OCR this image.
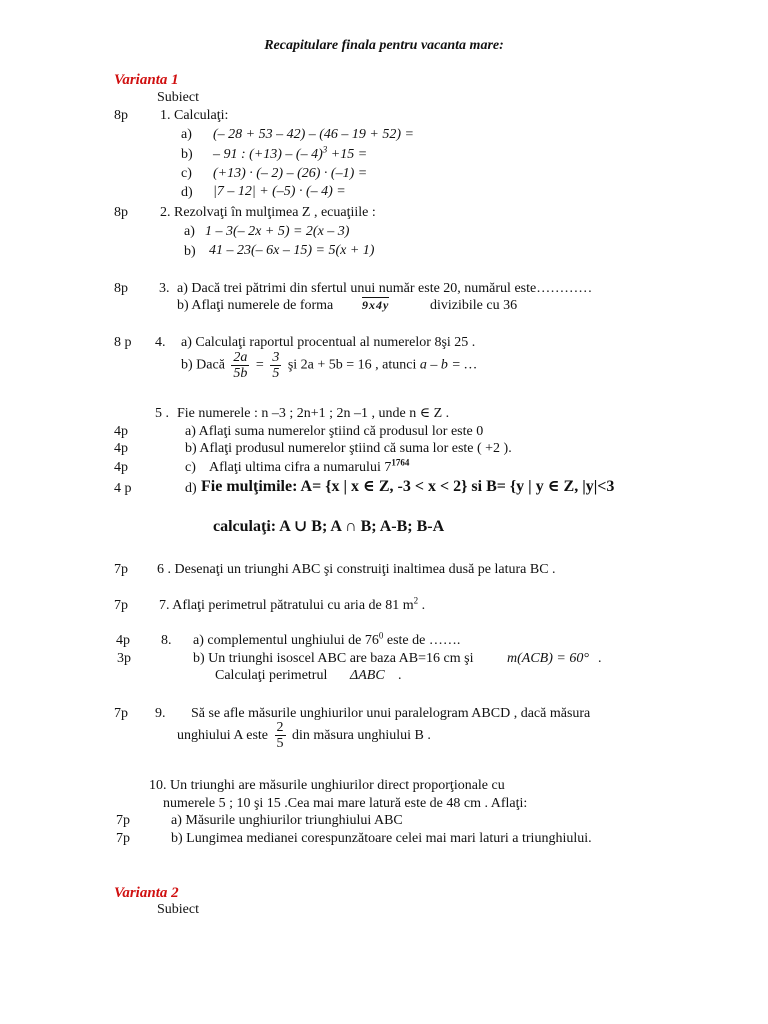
Recapitulare finala pentru vacanta mare:
Varianta 1
Subiect
8p 1. Calculaţi:
a) (– 28 + 53 – 42) – (46 – 19 + 52) =
b) – 91 : (+13) – (– 4)$^3$ +15 =
c) (+13) · (– 2) – (26) · (–1) =
d) |7 – 12| + (–5) · (– 4) =
8p 2. Rezolvaţi în mulţimea Z , ecuaţiile :
a) 1 – 3(– 2x + 5) = 2(x – 3)
b) 41 – 23(– 6x – 15) = 5(x + 1)
8p 3. a) Dacă trei pătrimi din sfertul unui număr este 20, numărul este…………
b) Aflaţi numerele de forma 9x4y	divizibile cu 36
8 p 4. a) Calculaţi raportul procentual al numerelor 8şi 25 .
b) Dacă $\frac{2a}{5b} = \frac{3}{5}$ şi 2a + 5b = 16 , atunci a – b = …
5 . Fie numerele : n –3 ; 2n+1 ; 2n –1 , unde n ∈ Z .
4p	a) Aflaţi suma numerelor ştiind că produsul lor este 0
4p	b) Aflaţi produsul numerelor ştiind că suma lor este ( +2 ).
4p	c) Aflaţi ultima cifra a numarului $7^{1764}$
4 p	d) Fie mulţimile: A= {x | x ∈ Z, -3 < x < 2} si B= {y | y ∈ Z, |y|<3
calculaţi: A ∪ B; A ∩ B; A-B; B-A
7p 6 . Desenaţi un triunghi ABC şi construiţi inaltimea dusă pe latura BC .
7p 7. Aflaţi perimetrul pătratului cu aria de 81 $m^2$ .
4p 8. a) complementul unghiului de $76^0$ este de …….
3p	b) Un triunghi isoscel ABC are baza AB=16 cm şi m(ACB) = 60° .
Calculaţi perimetrul ΔABC .
7p 9. Să se afle măsurile unghiurilor unui paralelogram ABCD , dacă măsura
unghiului A este $\frac{2}{5}$ din măsura unghiului B .
10. Un triunghi are măsurile unghiurilor direct proporţionale cu
numerele 5 ; 10 şi 15 .Cea mai mare latură este de 48 cm . Aflaţi:
7p	a) Măsurile unghiurilor triunghiului ABC
7p	b) Lungimea medianei corespunzătoare celei mai mari laturi a triunghiului.
Varianta 2
Subiect
